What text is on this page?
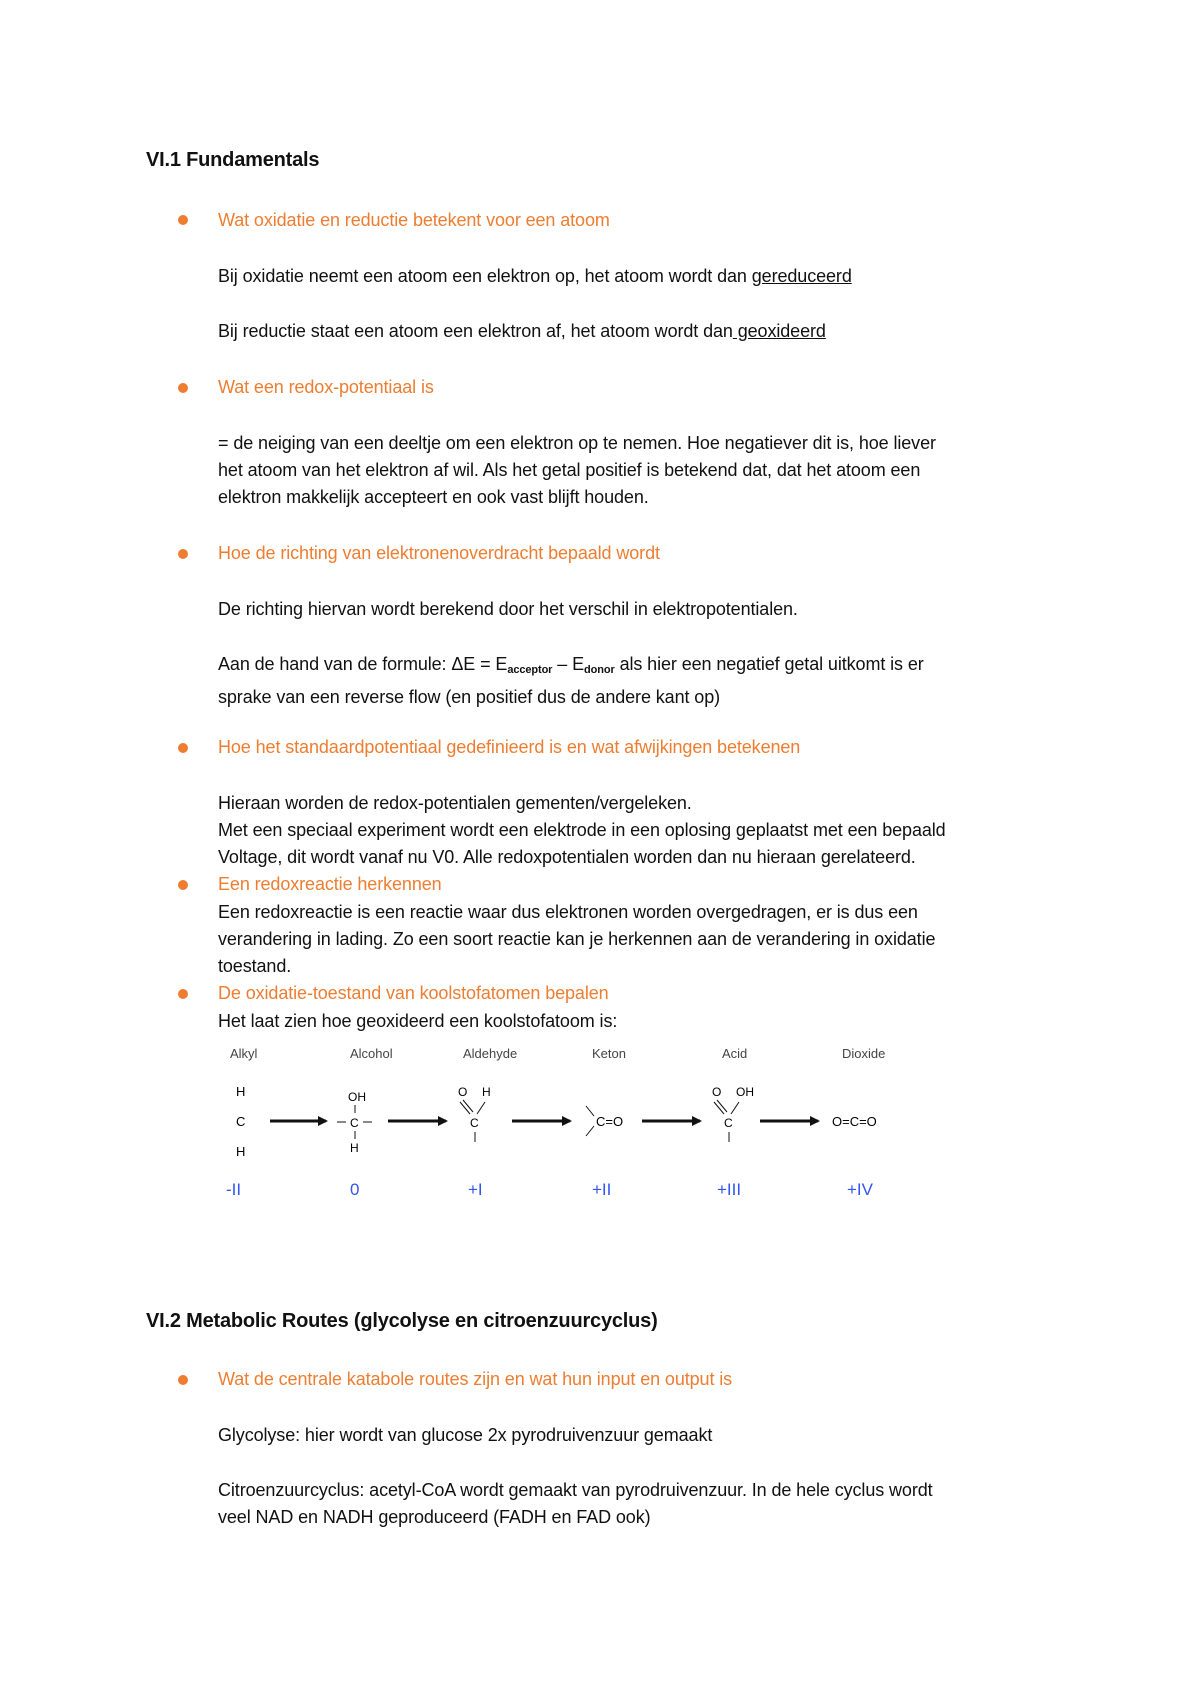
VI.1 Fundamentals
Wat oxidatie en reductie betekent voor een atoom
Bij oxidatie neemt een atoom een elektron op, het atoom wordt dan gereduceerd
Bij reductie staat een atoom een elektron af, het atoom wordt dan geoxideerd
Wat een redox-potentiaal is
= de neiging van een deeltje om een elektron op te nemen. Hoe negatiever dit is, hoe liever
het atoom van het elektron af wil. Als het getal positief is betekend dat, dat het atoom een
elektron makkelijk accepteert en ook vast blijft houden.
Hoe de richting van elektronenoverdracht bepaald wordt
De richting hiervan wordt berekend door het verschil in elektropotentialen.
Aan de hand van de formule: $\Delta E = E_{acceptor} - E_{donor}$ als hier een negatief getal uitkomt is er
sprake van een reverse flow (en positief dus de andere kant op)
Hoe het standaardpotentiaal gedefinieerd is en wat afwijkingen betekenen
Hieraan worden de redox-potentialen gementen/vergeleken.
Met een speciaal experiment wordt een elektrode in een oplosing geplaatst met een bepaald
Voltage, dit wordt vanaf nu V0. Alle redoxpotentialen worden dan nu hieraan gerelateerd.
Een redoxreactie herkennen
Een redoxreactie is een reactie waar dus elektronen worden overgedragen, er is dus een
verandering in lading. Zo een soort reactie kan je herkennen aan de verandering in oxidatie
toestand.
De oxidatie-toestand van koolstofatomen bepalen
Het laat zien hoe geoxideerd een koolstofatoom is:
Alkyl	Alcohol	Aldehyde	Keton	Acid	Dioxide
H
C
H
OH
C
H
O H
C	C=O
O OH
C	O=C=O
-II	0	+I	+II	+III	+IV
VI.2 Metabolic Routes (glycolyse en citroenzuurcyclus)
Wat de centrale katabole routes zijn en wat hun input en output is
Glycolyse: hier wordt van glucose 2x pyrodruivenzuur gemaakt
Citroenzuurcyclus: acetyl-CoA wordt gemaakt van pyrodruivenzuur. In de hele cyclus wordt
veel NAD en NADH geproduceerd (FADH en FAD ook)
